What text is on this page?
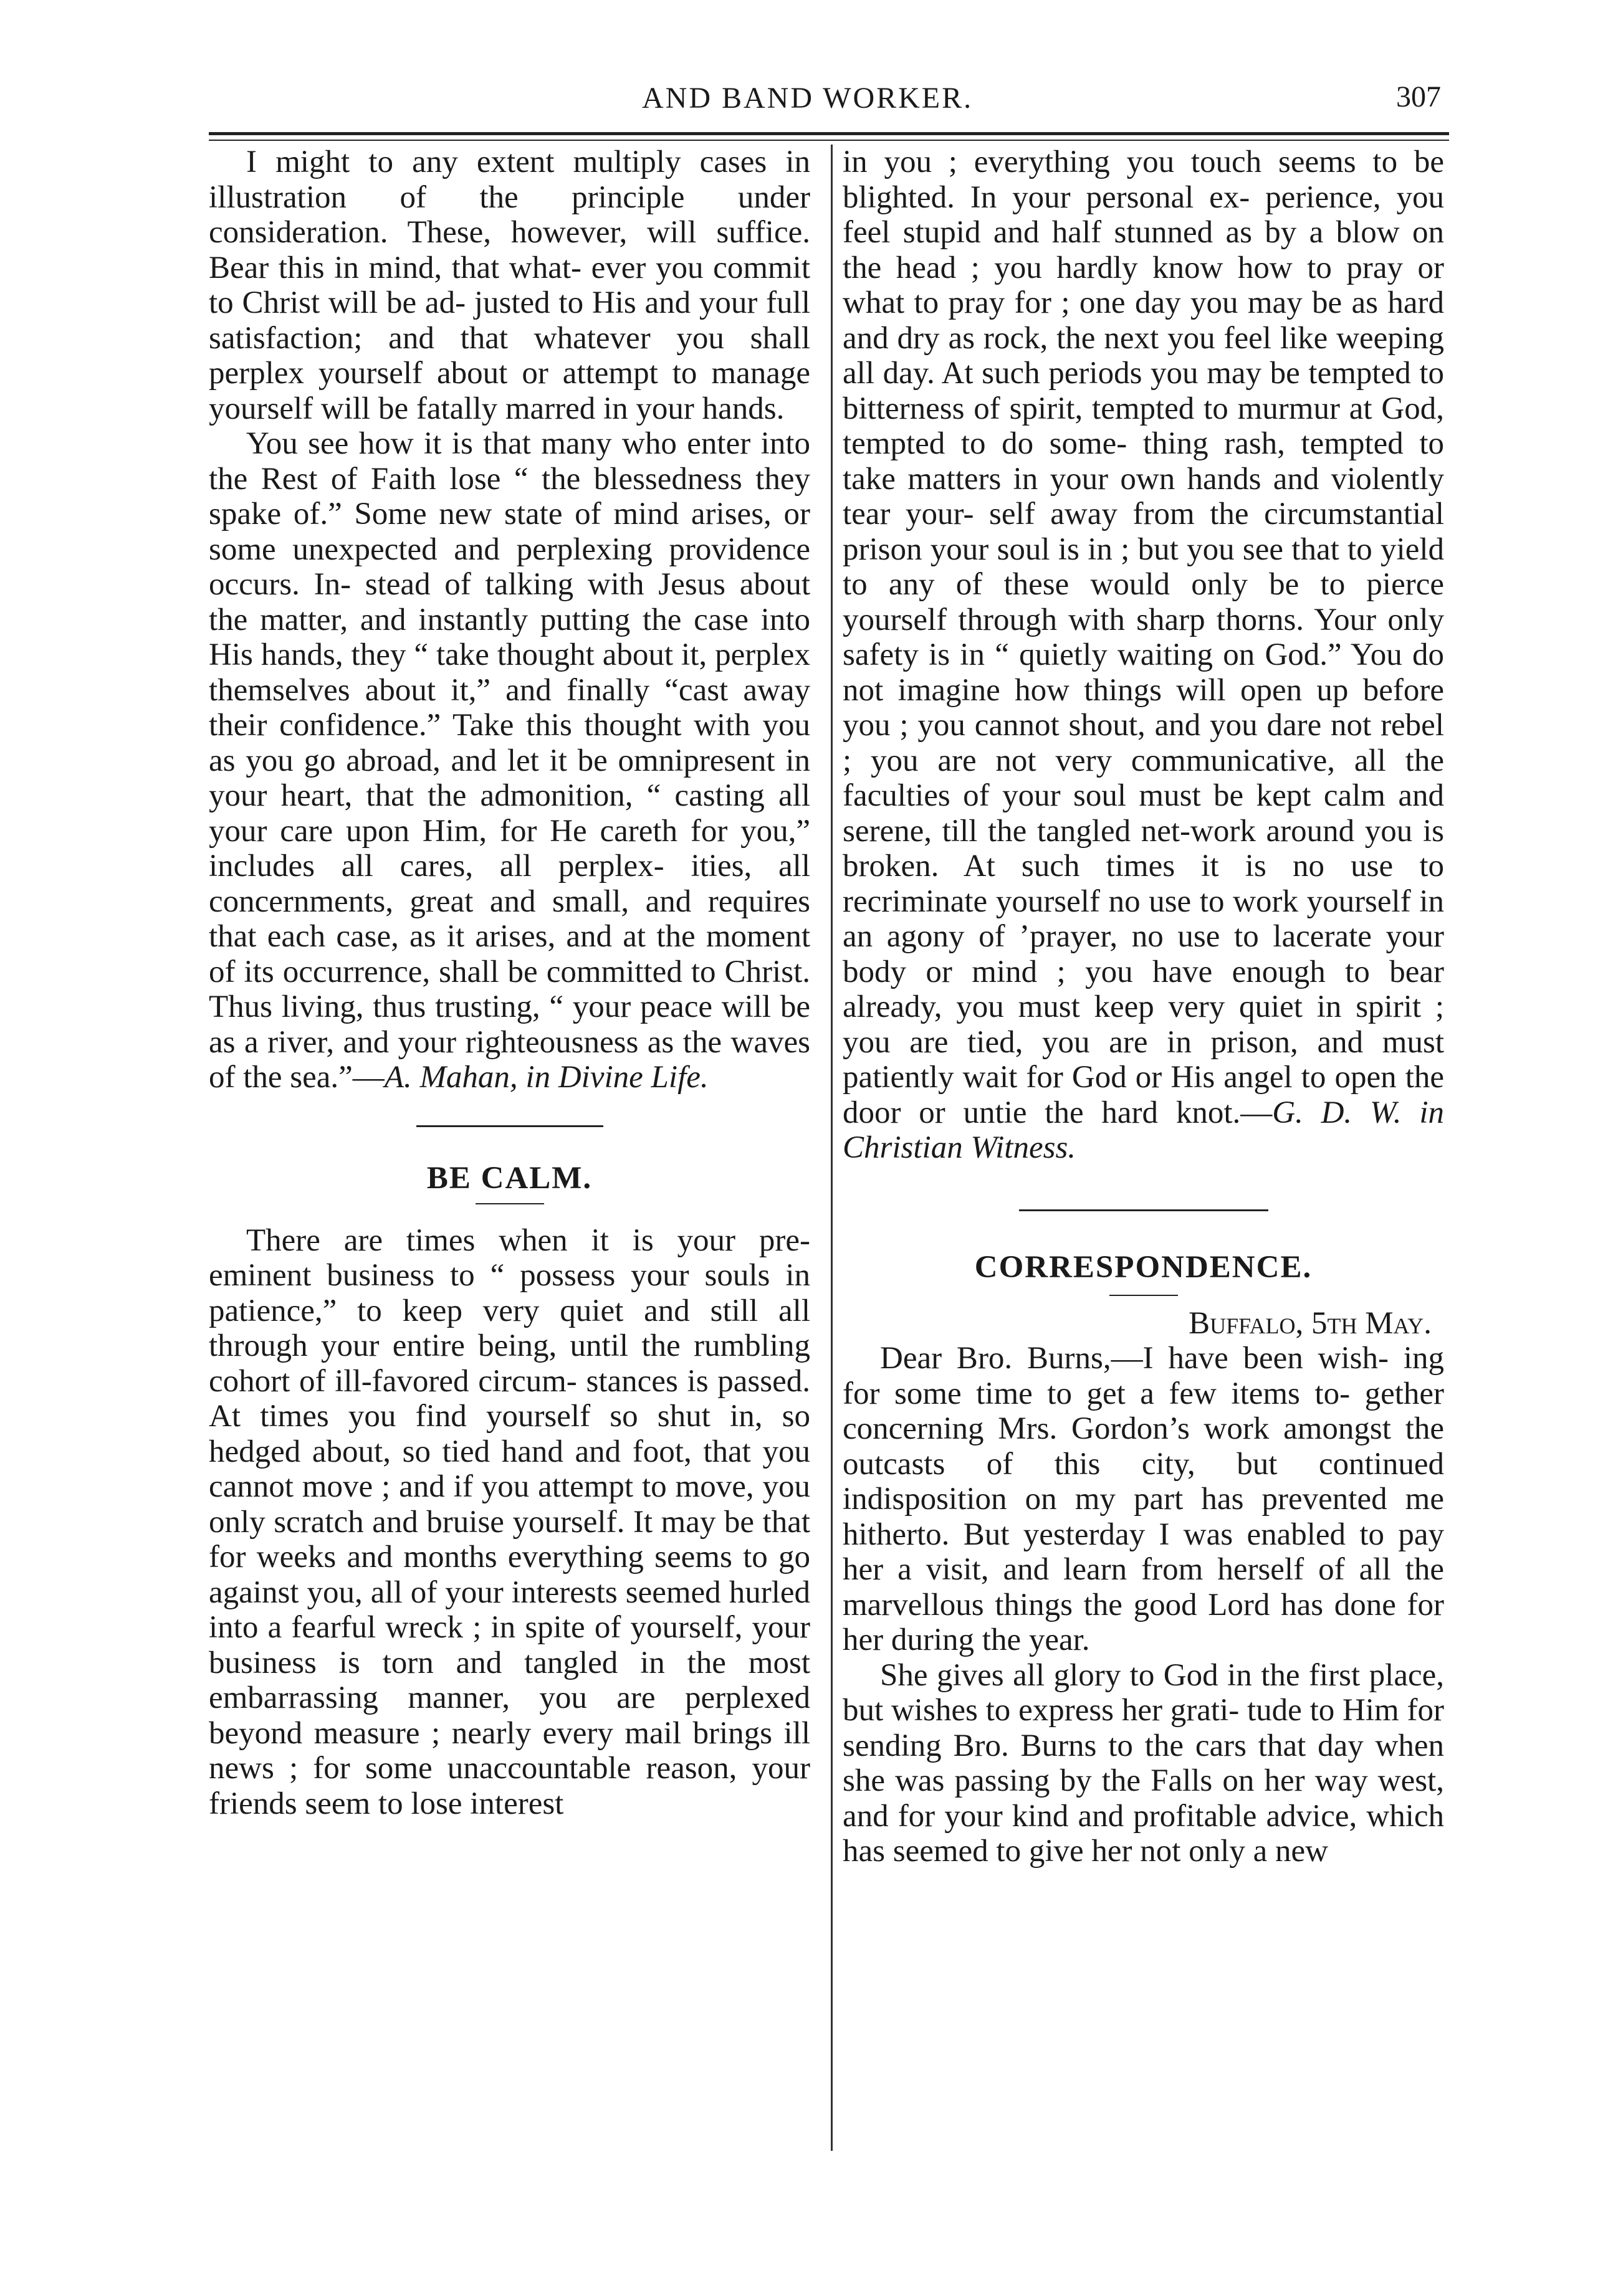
AND BAND WORKER.	307

I might to any extent multiply cases in illustration of the principle under consideration. These, however, will suffice. Bear this in mind, that what- ever you commit to Christ will be ad- justed to His and your full satisfaction; and that whatever you shall perplex yourself about or attempt to manage yourself will be fatally marred in your hands.

You see how it is that many who enter into the Rest of Faith lose “ the blessedness they spake of.” Some new state of mind arises, or some unexpected and perplexing providence occurs. In- stead of talking with Jesus about the matter, and instantly putting the case into His hands, they “ take thought about it, perplex themselves about it,” and finally “cast away their confidence.” Take this thought with you as you go abroad, and let it be omnipresent in your heart, that the admonition, “ casting all your care upon Him, for He careth for you,” includes all cares, all perplex- ities, all concernments, great and small, and requires that each case, as it arises, and at the moment of its occurrence, shall be committed to Christ. Thus living, thus trusting, “ your peace will be as a river, and your righteousness as the waves of the sea.”—A. Mahan, in Divine Life.

BE CALM.

There are times when it is your pre- eminent business to “ possess your souls in patience,” to keep very quiet and still all through your entire being, until the rumbling cohort of ill-favored circum- stances is passed. At times you find yourself so shut in, so hedged about, so tied hand and foot, that you cannot move ; and if you attempt to move, you only scratch and bruise yourself. It may be that for weeks and months everything seems to go against you, all of your interests seemed hurled into a fearful wreck ; in spite of yourself, your business is torn and tangled in the most embarrassing manner, you are perplexed beyond measure ; nearly every mail brings ill news ; for some unaccountable reason, your friends seem to lose interest

in you ; everything you touch seems to be blighted. In your personal ex- perience, you feel stupid and half stunned as by a blow on the head ; you hardly know how to pray or what to pray for ; one day you may be as hard and dry as rock, the next you feel like weeping all day. At such periods you may be tempted to bitterness of spirit, tempted to murmur at God, tempted to do some- thing rash, tempted to take matters in your own hands and violently tear your- self away from the circumstantial prison your soul is in ; but you see that to yield to any of these would only be to pierce yourself through with sharp thorns. Your only safety is in “ quietly waiting on God.” You do not imagine how things will open up before you ; you cannot shout, and you dare not rebel ; you are not very communicative, all the faculties of your soul must be kept calm and serene, till the tangled net-work around you is broken. At such times it is no use to recriminate yourself no use to work yourself in an agony of ’prayer, no use to lacerate your body or mind ; you have enough to bear already, you must keep very quiet in spirit ; you are tied, you are in prison, and must patiently wait for God or His angel to open the door or untie the hard knot.—G. D. W. in Christian Witness.

CORRESPONDENCE.

Buffalo, 5th May.

Dear Bro. Burns,—I have been wish- ing for some time to get a few items to- gether concerning Mrs. Gordon’s work amongst the outcasts of this city, but continued indisposition on my part has prevented me hitherto. But yesterday I was enabled to pay her a visit, and learn from herself of all the marvellous things the good Lord has done for her during the year.

She gives all glory to God in the first place, but wishes to express her grati- tude to Him for sending Bro. Burns to the cars that day when she was passing by the Falls on her way west, and for your kind and profitable advice, which has seemed to give her not only a new
